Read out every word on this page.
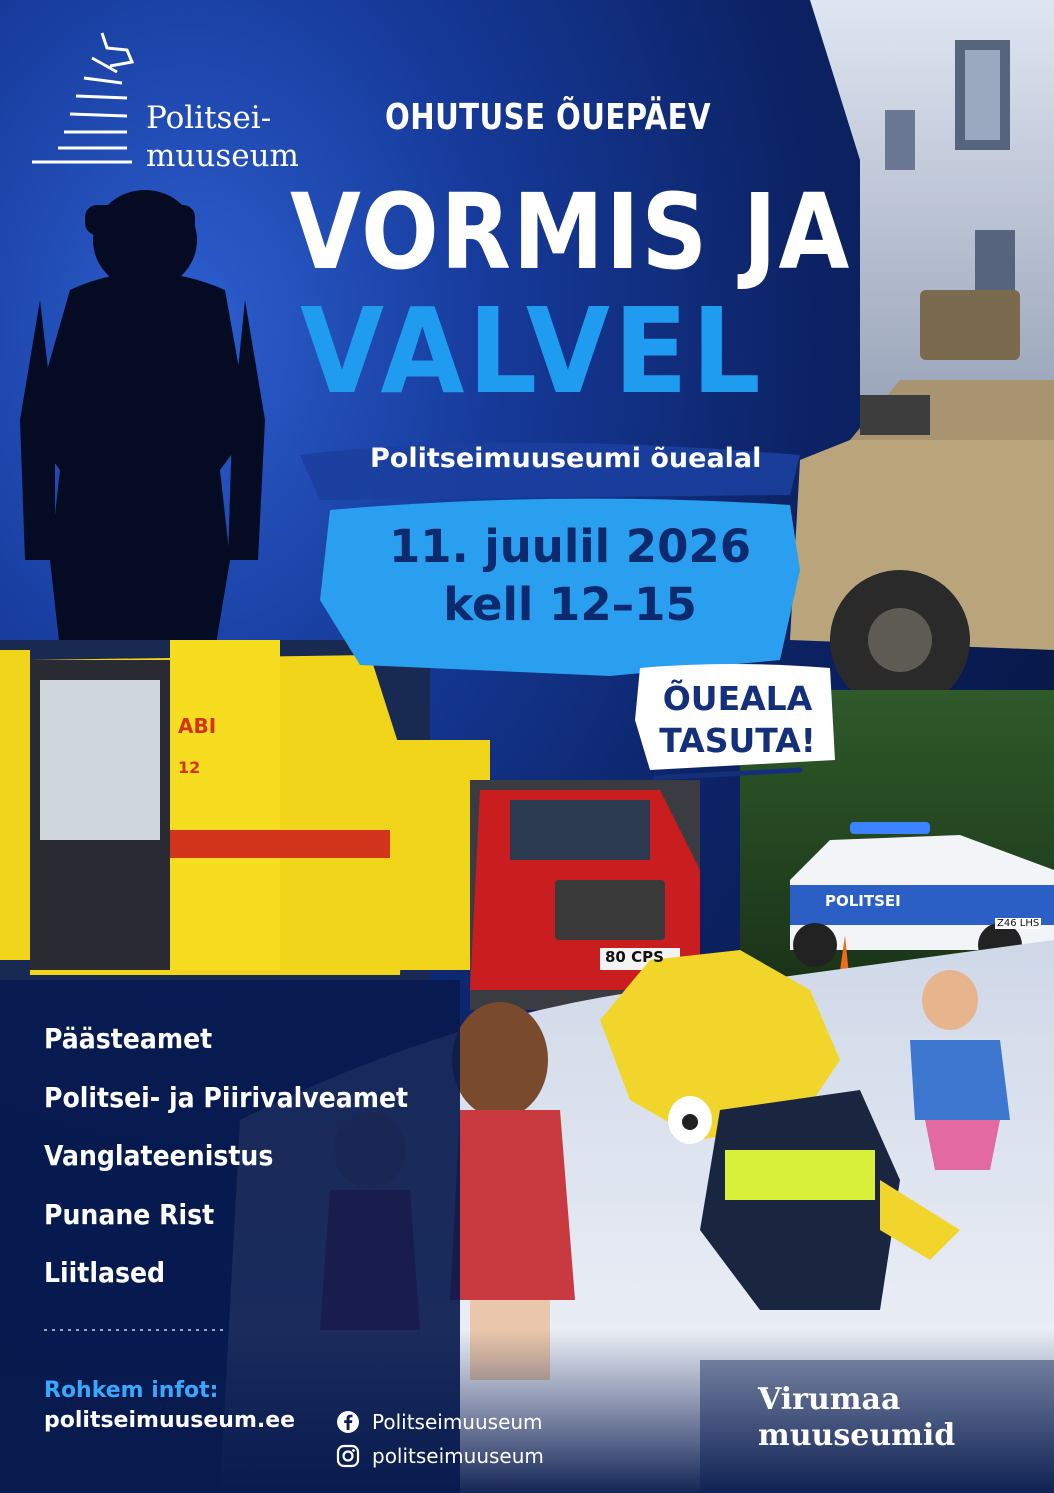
ABI
12
80 CPS
POLITSEI
Z46 LHS
Politsei-
muuseum
OHUTUSE ÕUEPÄEV
VORMIS JA
VALVEL
Politseimuuseumi õuealal
11. juulil 2026
kell 12–15
ÕUEALA
TASUTA!
Päästeamet
Politsei- ja Piirivalveamet
Vanglateenistus
Punane Rist
Liitlased
Rohkem infot:
politseimuuseum.ee	Politseimuuseum
politseimuuseum
Virumaa
muuseumid
